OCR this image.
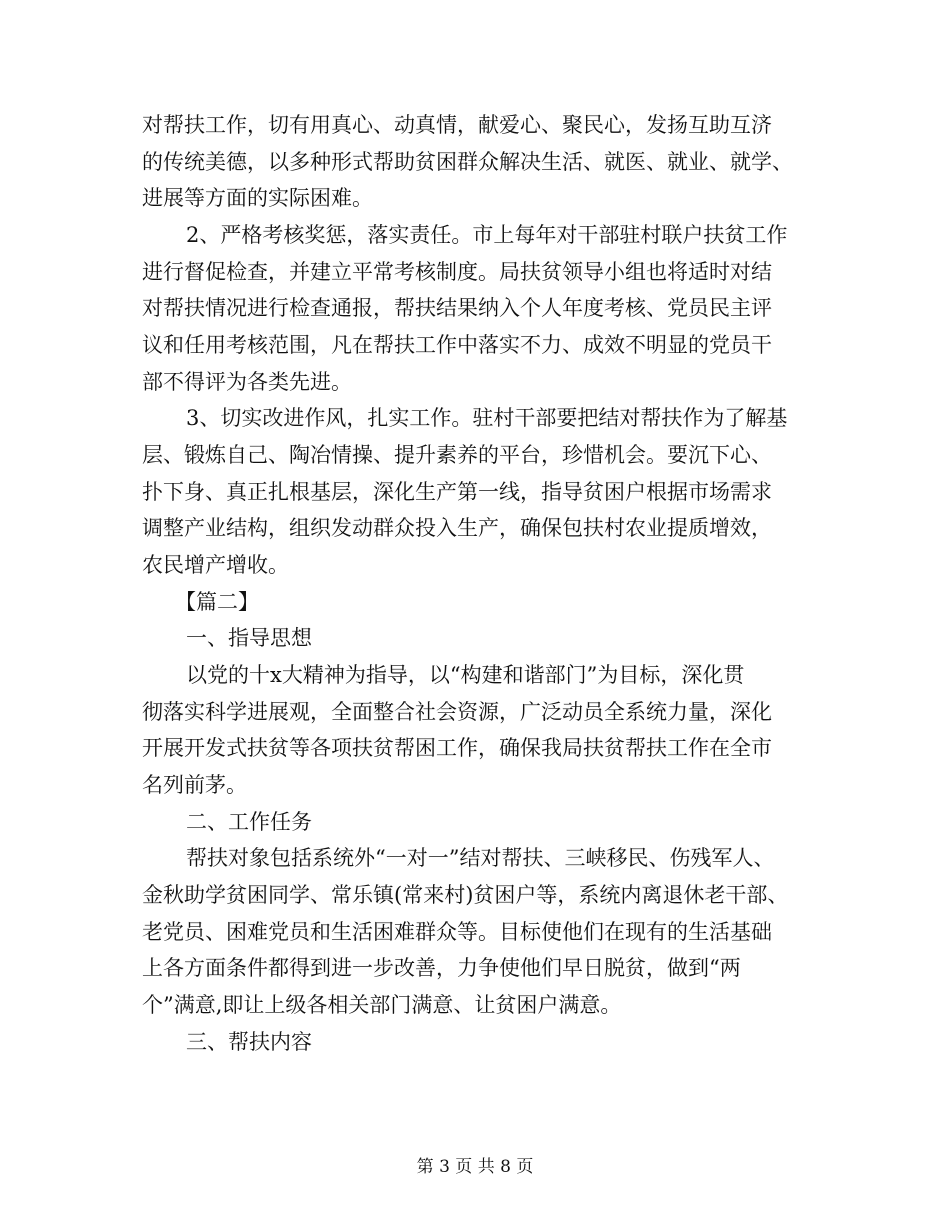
对帮扶工作，切有用真心、动真情，献爱心、聚民心，发扬互助互济
的传统美德，以多种形式帮助贫困群众解决生活、就医、就业、就学、
进展等方面的实际困难。
2、严格考核奖惩，落实责任。市上每年对干部驻村联户扶贫工作
进行督促检查，并建立平常考核制度。局扶贫领导小组也将适时对结
对帮扶情况进行检查通报，帮扶结果纳入个人年度考核、党员民主评
议和任用考核范围，凡在帮扶工作中落实不力、成效不明显的党员干
部不得评为各类先进。
3、切实改进作风，扎实工作。驻村干部要把结对帮扶作为了解基
层、锻炼自己、陶冶情操、提升素养的平台，珍惜机会。要沉下心、
扑下身、真正扎根基层，深化生产第一线，指导贫困户根据市场需求
调整产业结构，组织发动群众投入生产，确保包扶村农业提质增效，
农民增产增收。
【篇二】
一、指导思想
以党的十x大精神为指导，以“构建和谐部门”为目标，深化贯
彻落实科学进展观，全面整合社会资源，广泛动员全系统力量，深化
开展开发式扶贫等各项扶贫帮困工作，确保我局扶贫帮扶工作在全市
名列前茅。
二、工作任务
帮扶对象包括系统外“一对一”结对帮扶、三峡移民、伤残军人、
金秋助学贫困同学、常乐镇(常来村)贫困户等，系统内离退休老干部、
老党员、困难党员和生活困难群众等。目标使他们在现有的生活基础
上各方面条件都得到进一步改善，力争使他们早日脱贫，做到“两
个”满意,即让上级各相关部门满意、让贫困户满意。
三、帮扶内容
第 3 页 共 8 页
